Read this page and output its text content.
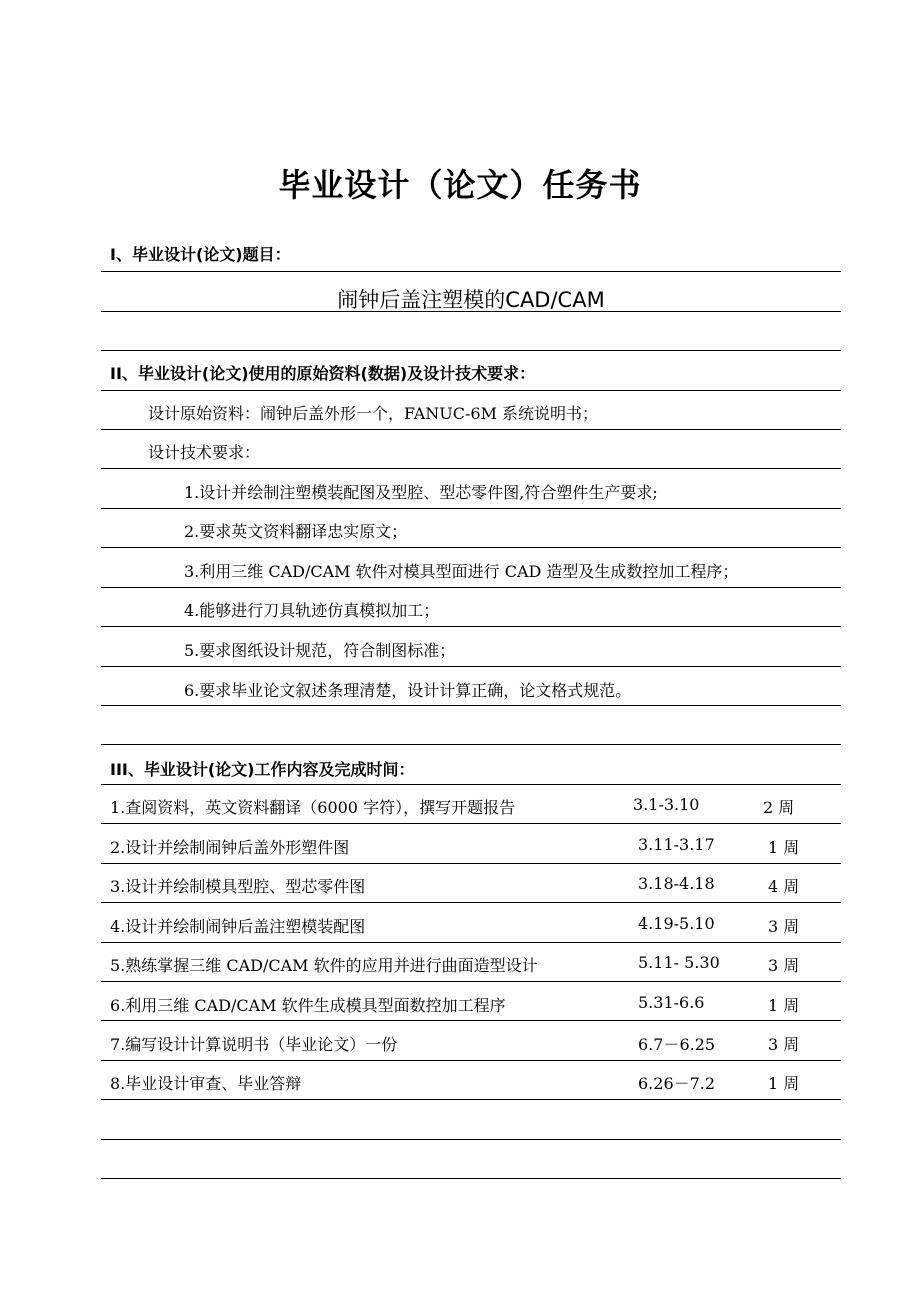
毕业设计（论文）任务书
I、毕业设计(论文)题目：
闹钟后盖注塑模的CAD/CAM
II、毕业设计(论文)使用的原始资料(数据)及设计技术要求：
设计原始资料：闹钟后盖外形一个，FANUC-6M 系统说明书；
设计技术要求：
1.设计并绘制注塑模装配图及型腔、型芯零件图,符合塑件生产要求;
2.要求英文资料翻译忠实原文；
3.利用三维 CAD/CAM 软件对模具型面进行 CAD 造型及生成数控加工程序；
4.能够进行刀具轨迹仿真模拟加工；
5.要求图纸设计规范，符合制图标准；
6.要求毕业论文叙述条理清楚，设计计算正确，论文格式规范。
III、毕业设计(论文)工作内容及完成时间：
1.查阅资料，英文资料翻译（6000 字符），撰写开题报告	3.1-3.10	2 周
2.设计并绘制闹钟后盖外形塑件图	3.11-3.17	1 周
3.设计并绘制模具型腔、型芯零件图	3.18-4.18	4 周
4.设计并绘制闹钟后盖注塑模装配图	4.19-5.10	3 周
5.熟练掌握三维 CAD/CAM 软件的应用并进行曲面造型设计	5.11- 5.30	3 周
6.利用三维 CAD/CAM 软件生成模具型面数控加工程序	5.31-6.6	1 周
7.编写设计计算说明书（毕业论文）一份	6.7－6.25	3 周
8.毕业设计审查、毕业答辩	6.26－7.2	1 周
